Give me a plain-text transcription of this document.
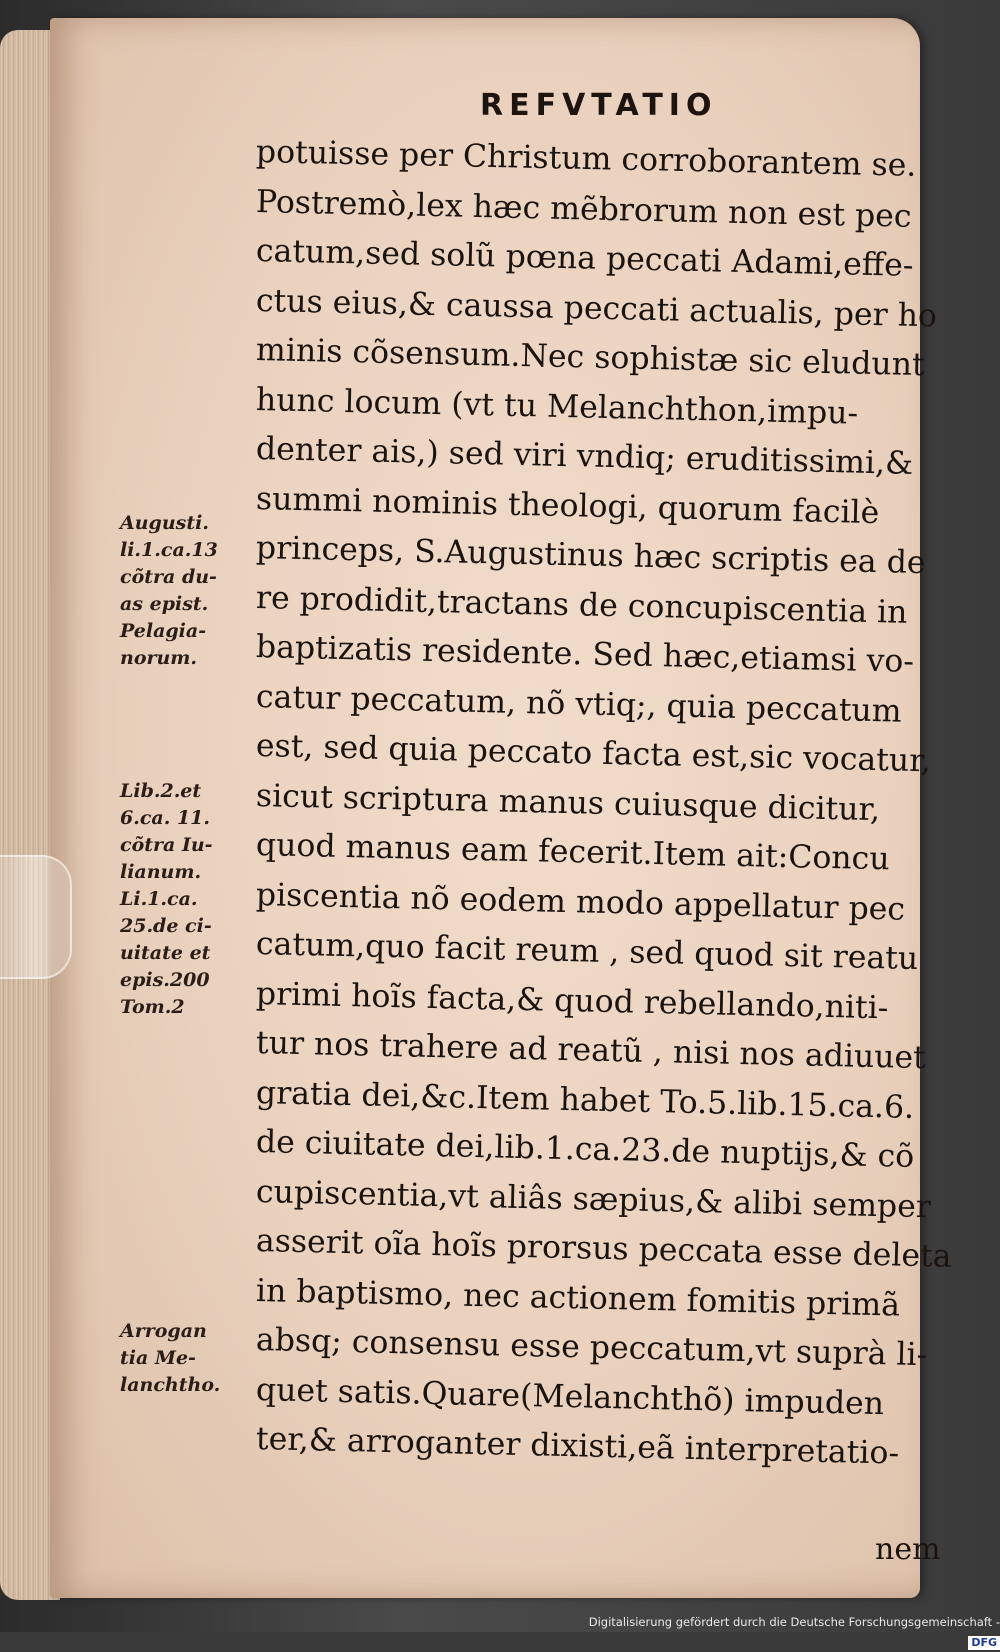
REFVTATIO
potuisse per Christum corroborantem se.
Postremò,lex hæc mẽbrorum non est pec
catum,sed solũ pœna peccati Adami,effe-
ctus eius,& caussa peccati actualis, per ho
minis cõsensum.Nec sophistæ sic eludunt
hunc locum (vt tu Melanchthon,impu-
denter ais,) sed viri vndiq; eruditissimi,&
summi nominis theologi, quorum facilè
princeps, S.Augustinus hæc scriptis ea de
re prodidit,tractans de concupiscentia in
baptizatis residente. Sed hæc,etiamsi vo-
catur peccatum, nõ vtiq;, quia peccatum
est, sed quia peccato facta est,sic vocatur,
sicut scriptura manus cuiusque dicitur,
quod manus eam fecerit.Item ait:Concu
piscentia nõ eodem modo appellatur pec
catum,quo facit reum , sed quod sit reatu
primi hoĩs facta,& quod rebellando,niti-
tur nos trahere ad reatũ , nisi nos adiuuet
gratia dei,&c.Item habet To.5.lib.15.ca.6.
de ciuitate dei,lib.1.ca.23.de nuptijs,& cõ
cupiscentia,vt aliâs sæpius,& alibi semper
asserit oĩa hoĩs prorsus peccata esse deleta
in baptismo, nec actionem fomitis primã
absq; consensu esse peccatum,vt suprà li-
quet satis.Quare(Melanchthõ) impuden
ter,& arroganter dixisti,eã interpretatio-
nem
Augusti.
li.1.ca.13
cõtra du-
as epist.
Pelagia-
norum.
Lib.2.et
6.ca. 11.
cõtra Iu-
lianum.
Li.1.ca.
25.de ci-
uitate et
epis.200
Tom.2
Arrogan
tia Me-
lanchtho.
Digitalisierung gefördert durch die Deutsche Forschungsgemeinschaft -DFG
